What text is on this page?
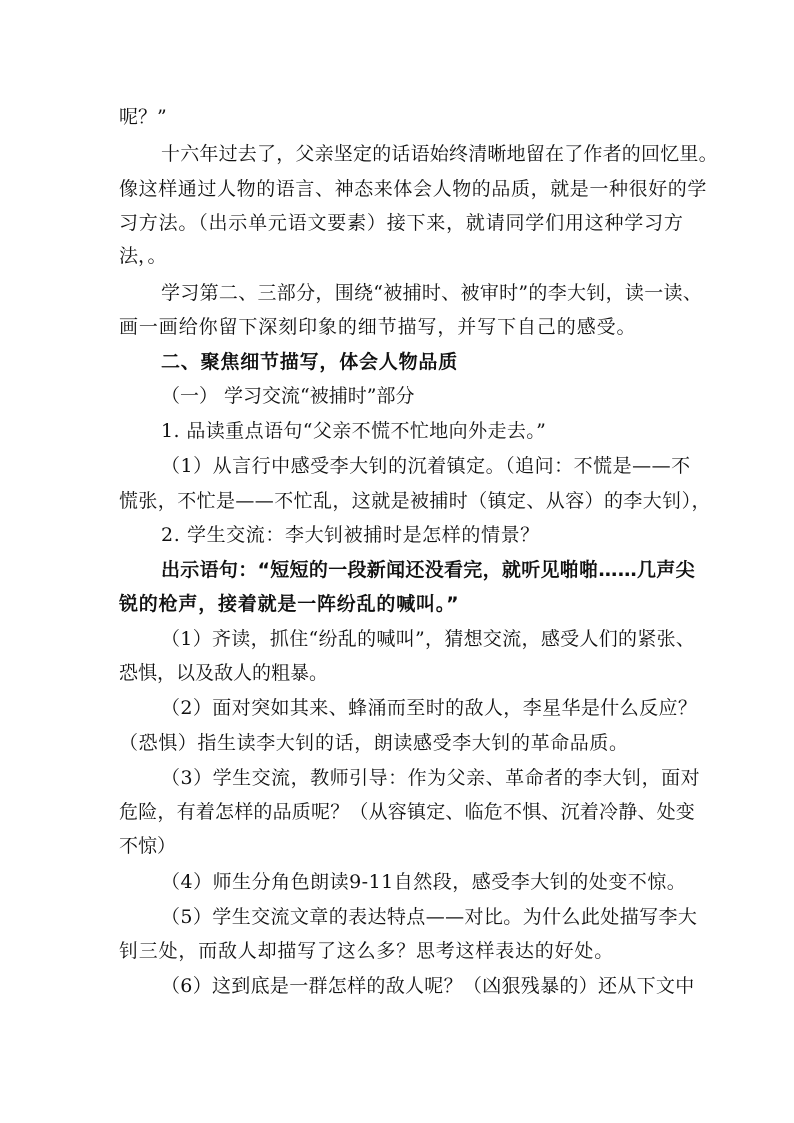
呢？”
十六年过去了，父亲坚定的话语始终清晰地留在了作者的回忆里。
像这样通过人物的语言、神态来体会人物的品质，就是一种很好的学
习方法。（出示单元语文要素）接下来，就请同学们用这种学习方
法，。
学习第二、三部分，围绕“被捕时、被审时”的李大钊，读一读、
画一画给你留下深刻印象的细节描写，并写下自己的感受。
二、聚焦细节描写，体会人物品质
（一） 学习交流“被捕时”部分
1. 品读重点语句“父亲不慌不忙地向外走去。”
（1）从言行中感受李大钊的沉着镇定。（追问：不慌是——不
慌张，不忙是——不忙乱，这就是被捕时（镇定、从容）的李大钊），
2. 学生交流：李大钊被捕时是怎样的情景？
出示语句：“短短的一段新闻还没看完，就听见啪啪……几声尖
锐的枪声，接着就是一阵纷乱的喊叫。”
（1）齐读，抓住“纷乱的喊叫”，猜想交流，感受人们的紧张、
恐惧，以及敌人的粗暴。
（2）面对突如其来、蜂涌而至时的敌人，李星华是什么反应？
（恐惧）指生读李大钊的话，朗读感受李大钊的革命品质。
（3）学生交流，教师引导：作为父亲、革命者的李大钊，面对
危险，有着怎样的品质呢？（从容镇定、临危不惧、沉着冷静、处变
不惊）
（4）师生分角色朗读9-11自然段，感受李大钊的处变不惊。
（5）学生交流文章的表达特点——对比。为什么此处描写李大
钊三处，而敌人却描写了这么多？思考这样表达的好处。
（6）这到底是一群怎样的敌人呢？（凶狠残暴的）还从下文中
